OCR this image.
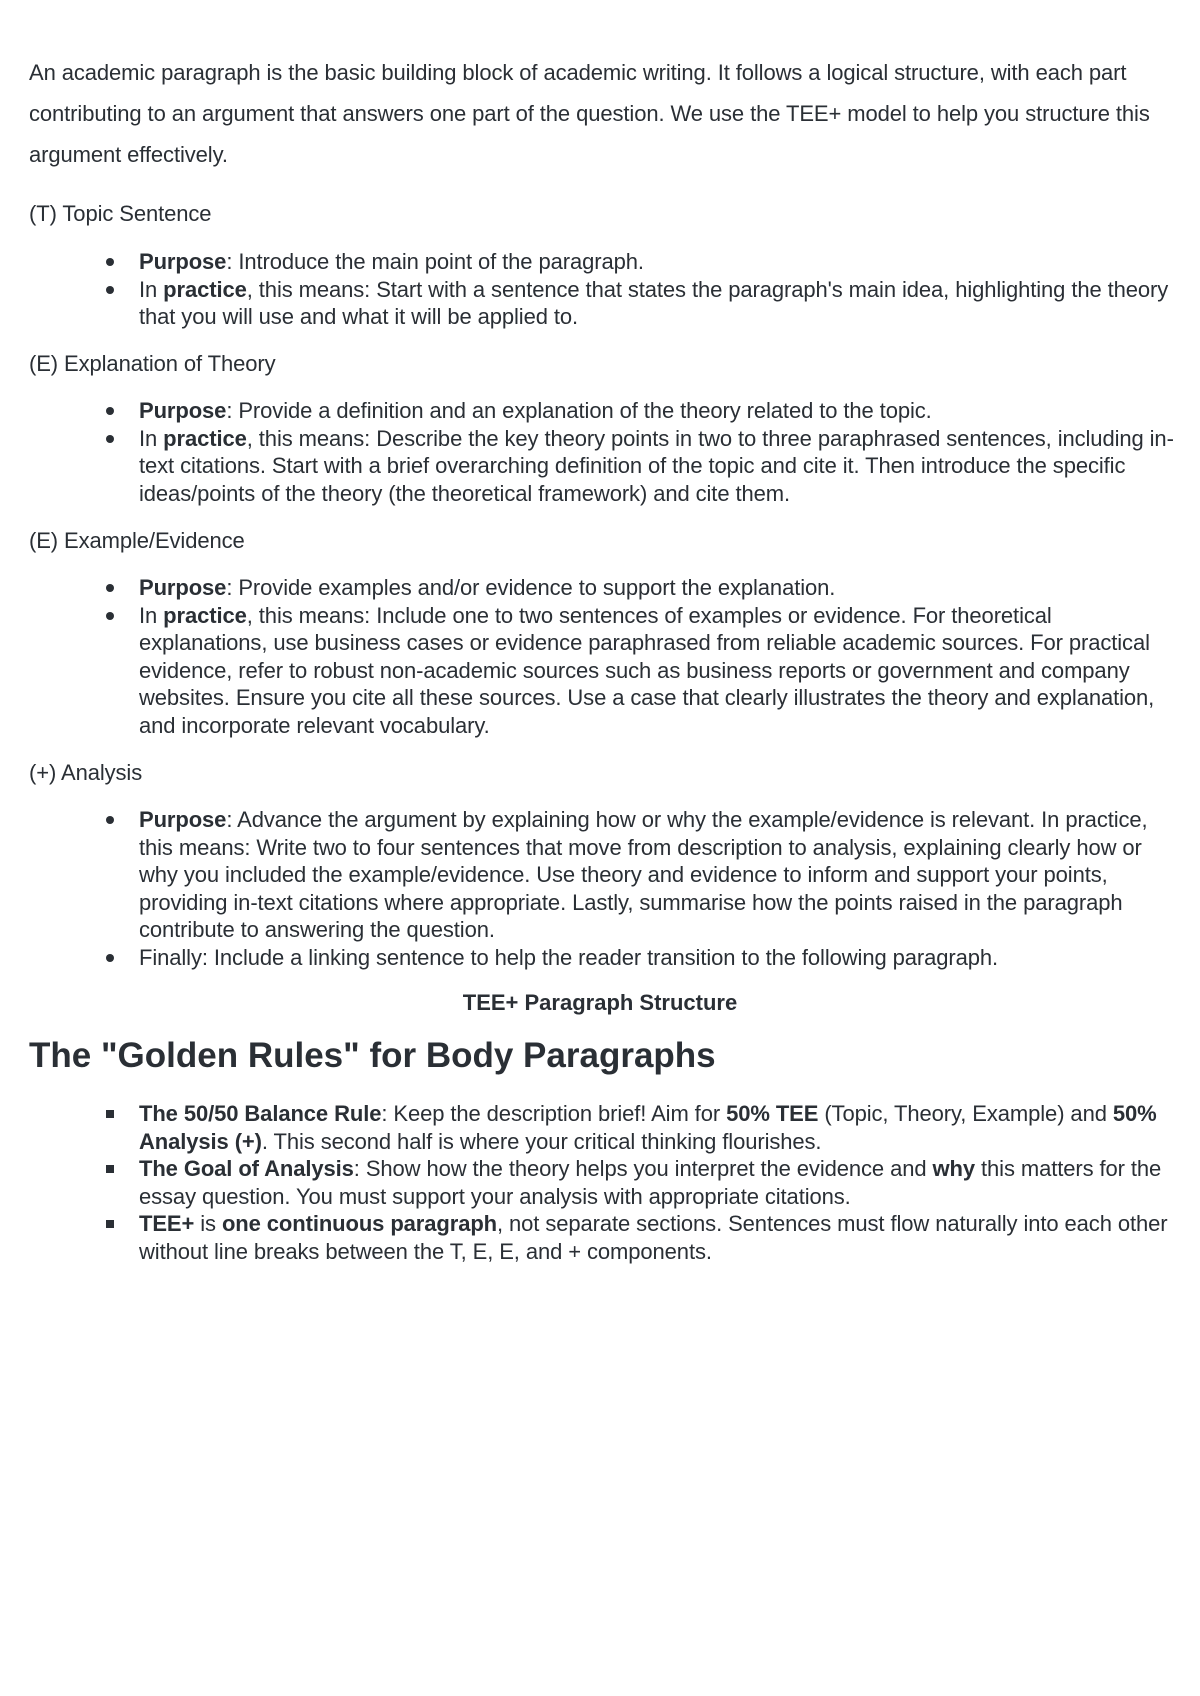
An academic paragraph is the basic building block of academic writing. It follows a logical structure, with each part contributing to an argument that answers one part of the question. We use the TEE+ model to help you structure this argument effectively.

(T) Topic Sentence

Purpose: Introduce the main point of the paragraph.
In practice, this means: Start with a sentence that states the paragraph's main idea, highlighting the theory that you will use and what it will be applied to.

(E) Explanation of Theory

Purpose: Provide a definition and an explanation of the theory related to the topic.
In practice, this means: Describe the key theory points in two to three paraphrased sentences, including in-text citations. Start with a brief overarching definition of the topic and cite it. Then introduce the specific ideas/points of the theory (the theoretical framework) and cite them.

(E) Example/Evidence

Purpose: Provide examples and/or evidence to support the explanation.
In practice, this means: Include one to two sentences of examples or evidence. For theoretical explanations, use business cases or evidence paraphrased from reliable academic sources. For practical evidence, refer to robust non-academic sources such as business reports or government and company websites. Ensure you cite all these sources. Use a case that clearly illustrates the theory and explanation, and incorporate relevant vocabulary.

(+) Analysis

Purpose: Advance the argument by explaining how or why the example/evidence is relevant. In practice, this means: Write two to four sentences that move from description to analysis, explaining clearly how or why you included the example/evidence. Use theory and evidence to inform and support your points, providing in-text citations where appropriate. Lastly, summarise how the points raised in the paragraph contribute to answering the question.
Finally: Include a linking sentence to help the reader transition to the following paragraph.

TEE+ Paragraph Structure

The "Golden Rules" for Body Paragraphs
The 50/50 Balance Rule: Keep the description brief! Aim for 50% TEE (Topic, Theory, Example) and 50% Analysis (+). This second half is where your critical thinking flourishes.
The Goal of Analysis: Show how the theory helps you interpret the evidence and why this matters for the essay question. You must support your analysis with appropriate citations.
TEE+ is one continuous paragraph, not separate sections. Sentences must flow naturally into each other without line breaks between the T, E, E, and + components.
